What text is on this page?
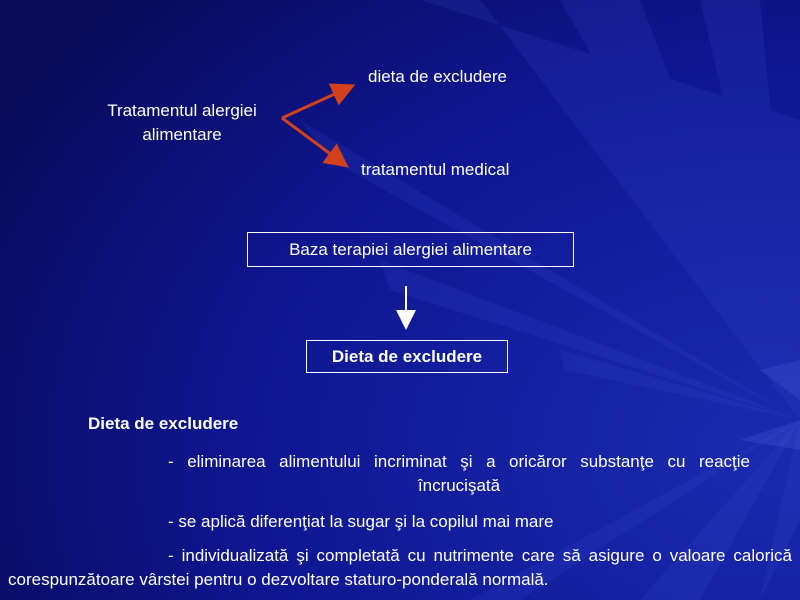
Tratamentul alergiei alimentare
dieta de excludere
tratamentul medical
Baza terapiei alergiei alimentare
Dieta de excludere
Dieta de excludere
- eliminarea alimentului incriminat şi a oricăror substanţe cu reacţie încrucişată
- se aplică diferenţiat la sugar şi la copilul mai mare
- individualizată şi completată cu nutrimente care să asigure o valoare calorică corespunzătoare vârstei pentru o dezvoltare staturo-ponderală normală.
